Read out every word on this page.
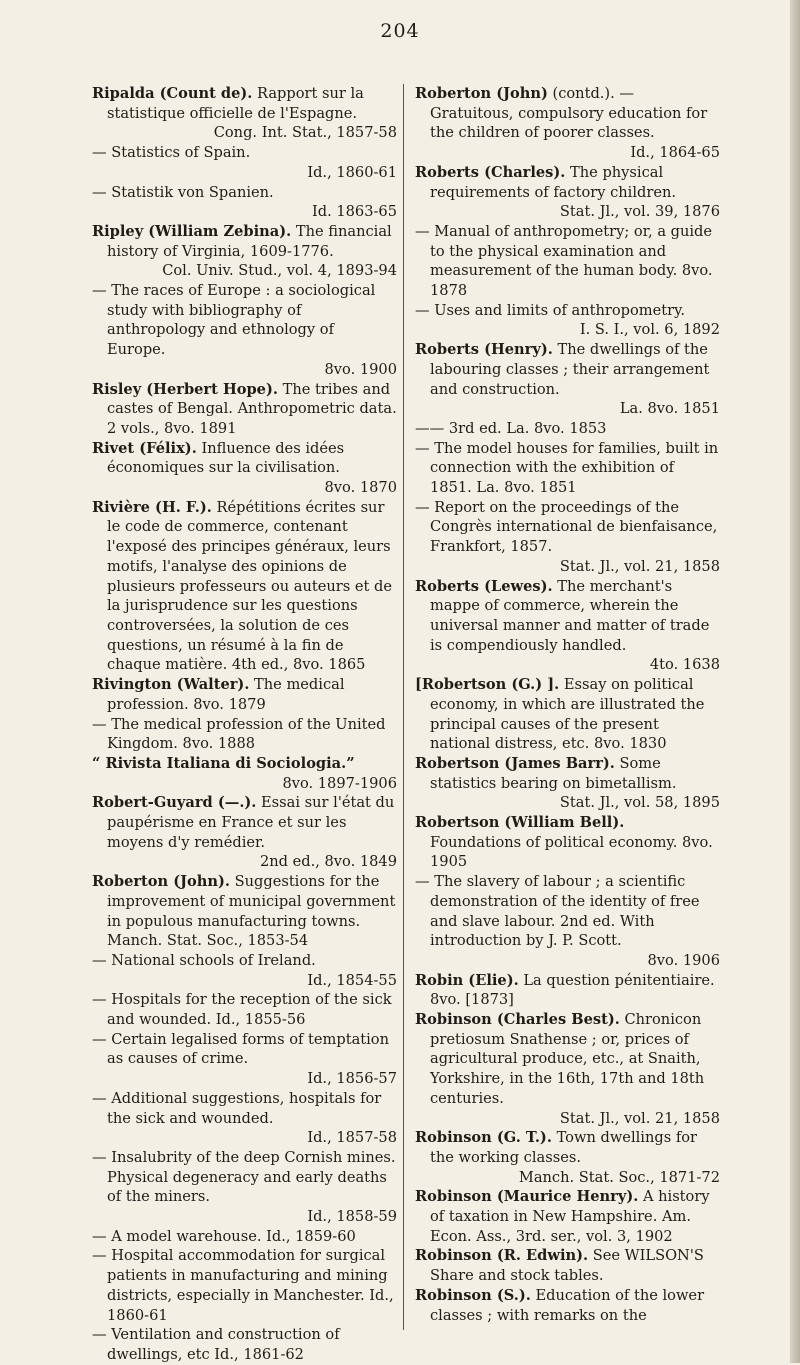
204

Ripalda (Count de). Rapport sur la statistique officielle de l'Espagne.

Cong. Int. Stat., 1857-58

— Statistics of Spain.

Id., 1860-61

— Statistik von Spanien.

Id. 1863-65

Ripley (William Zebina). The financial history of Virginia, 1609-1776.

Col. Univ. Stud., vol. 4, 1893-94

— The races of Europe : a sociological study with bibliography of anthropology and ethnology of Europe.

8vo. 1900

Risley (Herbert Hope). The tribes and castes of Bengal. Anthropometric data. 2 vols., 8vo. 1891

Rivet (Félix). Influence des idées économiques sur la civilisation.

8vo. 1870

Rivière (H. F.). Répétitions écrites sur le code de commerce, contenant l'exposé des principes généraux, leurs motifs, l'analyse des opinions de plusieurs professeurs ou auteurs et de la jurisprudence sur les questions controversées, la solution de ces questions, un résumé à la fin de chaque matière. 4th ed., 8vo. 1865

Rivington (Walter). The medical profession. 8vo. 1879

— The medical profession of the United Kingdom. 8vo. 1888

“ Rivista Italiana di Sociologia.”

8vo. 1897-1906

Robert-Guyard (—.). Essai sur l'état du paupérisme en France et sur les moyens d'y remédier.

2nd ed., 8vo. 1849

Roberton (John). Suggestions for the improvement of municipal government in populous manufacturing towns. Manch. Stat. Soc., 1853-54

— National schools of Ireland.

Id., 1854-55

— Hospitals for the reception of the sick and wounded. Id., 1855-56

— Certain legalised forms of temptation as causes of crime.

Id., 1856-57

— Additional suggestions, hospitals for the sick and wounded.

Id., 1857-58

— Insalubrity of the deep Cornish mines. Physical degeneracy and early deaths of the miners.

Id., 1858-59

— A model warehouse. Id., 1859-60

— Hospital accommodation for surgical patients in manufacturing and mining districts, especially in Manchester. Id., 1860-61

— Ventilation and construction of dwellings, etc Id., 1861-62

Roberton (John) (contd.). — Gratuitous, compulsory education for the children of poorer classes.

Id., 1864-65

Roberts (Charles). The physical requirements of factory children.

Stat. Jl., vol. 39, 1876

— Manual of anthropometry; or, a guide to the physical examination and measurement of the human body. 8vo. 1878

— Uses and limits of anthropometry.

I. S. I., vol. 6, 1892

Roberts (Henry). The dwellings of the labouring classes ; their arrangement and construction.

La. 8vo. 1851

—— 3rd ed. La. 8vo. 1853

— The model houses for families, built in connection with the exhibition of 1851. La. 8vo. 1851

— Report on the proceedings of the Congrès international de bienfaisance, Frankfort, 1857.

Stat. Jl., vol. 21, 1858

Roberts (Lewes). The merchant's mappe of commerce, wherein the universal manner and matter of trade is compendiously handled.

4to. 1638

[Robertson (G.) ]. Essay on political economy, in which are illustrated the principal causes of the present national distress, etc. 8vo. 1830

Robertson (James Barr). Some statistics bearing on bimetallism.

Stat. Jl., vol. 58, 1895

Robertson (William Bell). Foundations of political economy. 8vo. 1905

— The slavery of labour ; a scientific demonstration of the identity of free and slave labour. 2nd ed. With introduction by J. P. Scott.

8vo. 1906

Robin (Elie). La question pénitentiaire. 8vo. [1873]

Robinson (Charles Best). Chronicon pretiosum Snathense ; or, prices of agricultural produce, etc., at Snaith, Yorkshire, in the 16th, 17th and 18th centuries.

Stat. Jl., vol. 21, 1858

Robinson (G. T.). Town dwellings for the working classes.

Manch. Stat. Soc., 1871-72

Robinson (Maurice Henry). A history of taxation in New Hampshire. Am. Econ. Ass., 3rd. ser., vol. 3, 1902

Robinson (R. Edwin). See WILSON'S Share and stock tables.

Robinson (S.). Education of the lower classes ; with remarks on the
